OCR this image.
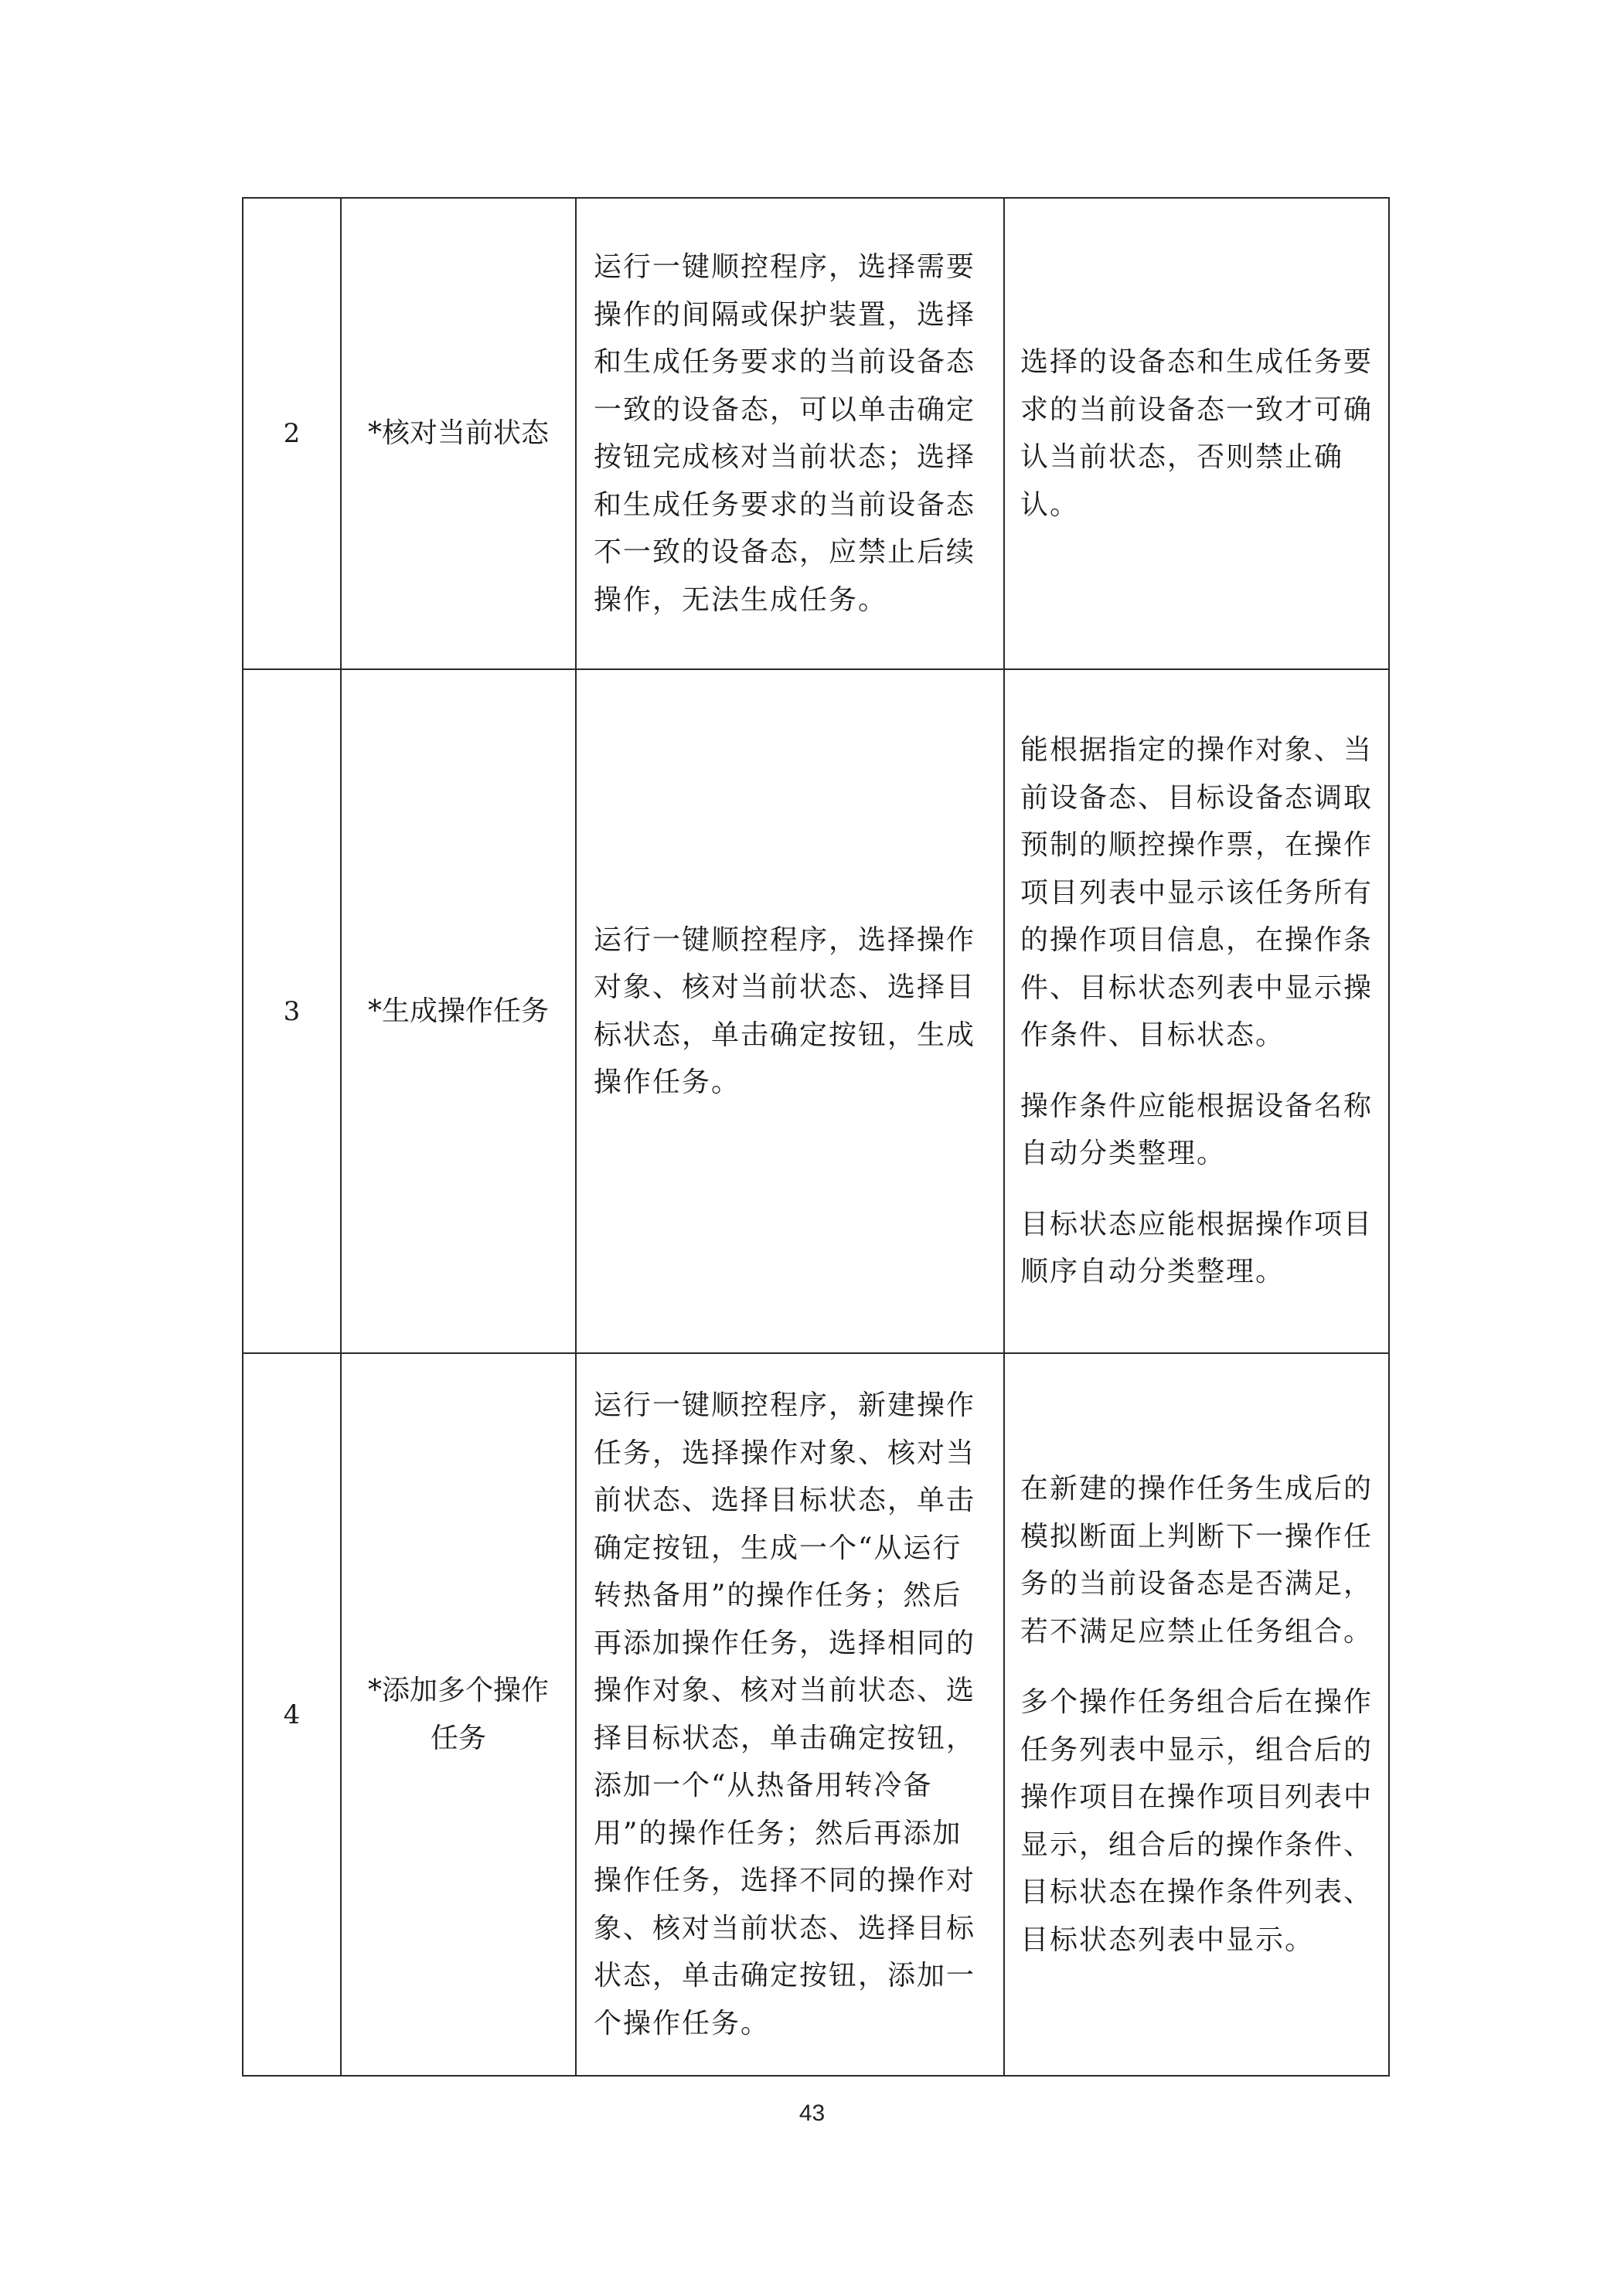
2	*核对当前状态	运行一键顺控程序，选择需要操作的间隔或保护装置，选择和生成任务要求的当前设备态一致的设备态，可以单击确定按钮完成核对当前状态；选择和生成任务要求的当前设备态不一致的设备态，应禁止后续操作，无法生成任务。	选择的设备态和生成任务要求的当前设备态一致才可确认当前状态，否则禁止确认。

3	*生成操作任务	运行一键顺控程序，选择操作对象、核对当前状态、选择目标状态，单击确定按钮，生成操作任务。	能根据指定的操作对象、当前设备态、目标设备态调取预制的顺控操作票，在操作项目列表中显示该任务所有的操作项目信息，在操作条件、目标状态列表中显示操作条件、目标状态。
操作条件应能根据设备名称自动分类整理。
目标状态应能根据操作项目顺序自动分类整理。

4	*添加多个操作任务	运行一键顺控程序，新建操作任务，选择操作对象、核对当前状态、选择目标状态，单击确定按钮，生成一个“从运行转热备用”的操作任务；然后再添加操作任务，选择相同的操作对象、核对当前状态、选择目标状态，单击确定按钮，添加一个“从热备用转冷备用”的操作任务；然后再添加操作任务，选择不同的操作对象、核对当前状态、选择目标状态，单击确定按钮，添加一个操作任务。	在新建的操作任务生成后的模拟断面上判断下一操作任务的当前设备态是否满足，若不满足应禁止任务组合。
多个操作任务组合后在操作任务列表中显示，组合后的操作项目在操作项目列表中显示，组合后的操作条件、目标状态在操作条件列表、目标状态列表中显示。
43
